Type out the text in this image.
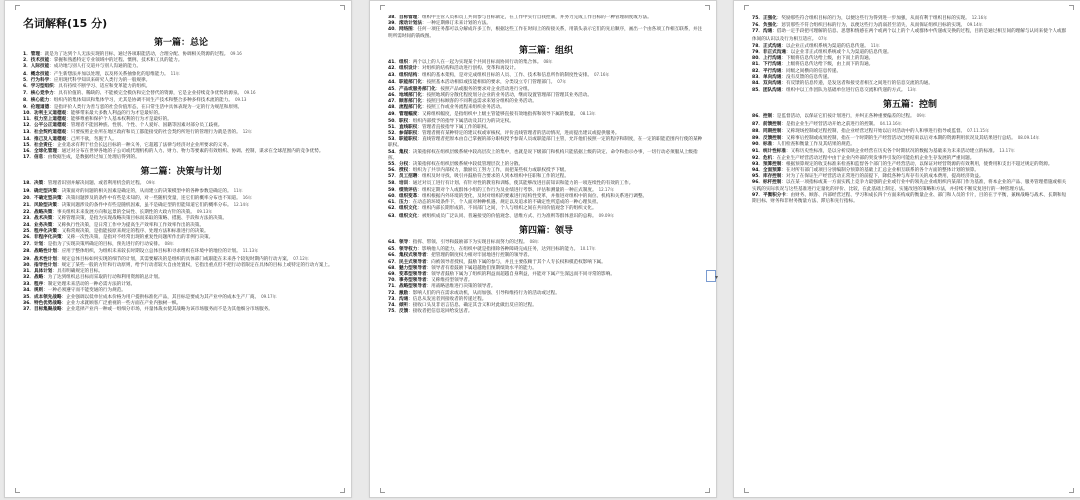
名词解释(15 分)
第一篇：总论

1．管理：就是为了达到个人无法实现的目标，通过各项职能活动，合理分配、协调相关资源的过程。 09.16

2．技术技能：掌握和熟悉特定专业领域中的过程、惯例、技术和工具的能力。

3．人际技能：成功地与别人打交道并与别人沟通的能力。

4．概念技能：产生新想法并加以处理，以及将关系抽象化的思维能力。 11年

5．行为科学：应用现代科学知识来研究人类行为的一般规律。

6．学习型组织：具有持续不断学习、适应和变革能力的组织。

7．核心竞争力：具有价值的、稀缺的、不能被完全模仿和完全替代的资源，它是企业持续竞争优势的源泉。 09.16

8．核心能力：组织内的集体知识和集体学习，尤其是协调不同生产技术和整合多种多样技术流的能力。 09.13

9．伦理道德：是指评价人类行为善与恶的社会价值形态，在日常生活中具体表现为一定的行为规范和原则。

10．功利主义道德观：能够带来最大多数人利益的行为才是最好的。

11．权力至上道德观：能够尊重和保护个人基本权利的行为才是最好的。

12．公平公正道德观：管理者不能因种族、性别、个性、个人爱好、国籍等因素对部分员工歧视。

13．社会契约道德观：只要按照企业所在地区政府和员工都能接受的社会契约所进行的管理行为就是善的。 12年

14．推己及人道德观：己所不欲，勿施于人。

15．社会责任：企业追求有利于社会长远目标的一种义务，它超越了法律与经济对企业所要求的义务。

16．全球化管理：通过对分布在世界各地的子公司或代理机构的人力、财力、物力等要素的有效组织、协调、控制，谋求在全球范围内的竞争优势。

17．信息：由数据生成，是数据经过加工处理后得到的。

第二篇：决策与计划

18．决策：管理者识别并解决问题、或者利用机会的过程。 09年

19．确定型决策：决策面对的问题的相关因素是确定的，从而建立的决策模型中的各种参数是确定的。 11年

20．不确定型决策：决策问题涉及的条件中有些是未知的，对一些随机变量，连它们的概率分布也不知道。 16年

21．风险型决策：决策问题涉及的条件中有些是随机因素，虽不是确定型的但能知道它们的概率分布。 12.14年

22．战略决策：事关组织未来发展方向和远景的全局性、长期性的大政方针的决策。 09.13年

23．战术决策：又称管理决策，是指为实现战略决策目标而采取的策略、措施、手段和方法的决策。

24．业务决策：又称执行性决策，是日常工作中为提高生产效率和工作效率作出的决策。

25．程序化决策：又称常规决策，是指能按原来规定的程序、处理方法和标准进行的决策。

26．非程序化决策：又称一次性决策，是指对不经常出现的重复性问题所作出的非例行决策。

27．计划：是指为了实现决策所确定的目标，预先进行的行动安排。 08年

28．战略性计划：应用于整体组织，为组织未来较长时期设立总体目标和寻求组织在环境中的地位的计划。 11.13年

29．战术性计划：规定总体目标如何实现的细节的计划，其需要解决的是组织的具体部门或职能在未来各个较短时期内的行动方案。 07.12年

30．指导性计划：规定了某些一般的方针和行动原则，给予行动者较大自由处置权，它指出重点但不把行动者限定在具体的目标上或特定的行动方案上。

31．具体计划：具有明确规定的目标。

32．战略：为了达到组织总目标而采取的行动和利用资源的总计划。

33．程序：制定处理未来活动的一种必需方法的计划。

34．规则：一种必须遵守而不能变通的行为规范。

35．成本领先战略：企业强调以低单位成本价格为用户提供标准化产品，其目标是要成为其产业中的成本生产厂商。 09.17年

36．特色优势战略：企业力求就顾客广泛重视的一些方面在产业内独树一帜。

37．目标集聚战略：企业选择产业内一种或一组细分市场，并量体裁衣使其战略为该市场服务而不是为其他细分市场服务。

38．目标管理：组织中主管人员和员工共同参与目标制定，在工作中实行自我控制，并努力完成工作目标的一种管理制度或方法。

39．滚动计划法：一种定期修订未来计划的方法。

40．网络图：任何一项任务都可以分解成许多工作，根据这些工作在时间上的衔接关系，用箭头表示它们的先后顺序，画出一个由各项工作相互联系，并注明所需时间的箭线图。

第三篇：组织

41．组织：两个以上的人在一起为实现某个共同目标而协同行动的集合体。 08年

42．组织设计：对组织的结构和活动进行创构、变革和再设计。

43．组织结构：组织的基本架构，是对完成组织目标的人员、工作、技术和信息所作的制度性安排。 07.16年

44．职能部门化：按照基本活动相似或技能相似的要求，分类设立专门管理部门。 07年

45．产品或服务部门化：按照产品或服务的要求对企业活动进行分组。

46．地域部门化：按照地域的分散化程度划分企业的业务活动，继而设置管理部门管理其业务活动。

47．顾客部门化：按照目标顾客的不同利益需求来划分组织的业务活动。

48．流程部门化：按照工作或业务流程来组织业务活动。

49．管理幅度：又称组织幅度，是指组织中上级主管能够直接有效地指挥和领导下属的数量。 08.13年

50．职权：组织内部授予的指导下属活动及其行为的决定权。

51．直线职权：管理者直接指导下属工作的职权。

52．参谋职权：管理者拥有某种特定的建议权或审核权，评价直线管理者的活动情况，进而提出建议或提供服务。

53．职能职权：直线管理者把原本由自己掌握的部分职权授予参谋人员或职能部门主管，允许他们按照一定的程序和制度，在一定的职能范围内行使的某种职权。

54．集权：决策指挥权在组织层级系统中较高层次上的集中，也就是说下级部门和机构只能依据上级的决定、命令和指示办事，一切行动必须服从上级指挥。

55．分权：决策指挥权在组织层级系统中较低管理层次上的分散。

56．授权：组织为了共享内部权力，激励员工努力工作，而把某些权力或职权授予下级。

57．员工招聘：组织及时寻找、吸引并鼓励符合要求的人到本组织中任职和工作的过程。

58．培训：通过对员工进行有计划、有针对性的教育和训练，使其能够改进目前知识和能力的一项连续性的有效的工作。

59．绩效评估：组织定期对个人或群体小组的工作行为及业绩进行考察、评估和测量的一种正式制度。 12.17年

60．组织变革：组织根据内外环境的变化，及时对组织的要素进行结构性变革，并推进对组织中的岗位、机构和关系进行调整。

61．压力：在动态的环境条件下，个人面对种种机遇、规定以及追求的不确定性所造成的一种心理负担。

62．组织文化：组织内部长期形成的、不同部门之间，个人与组织之间在共同价值观念下的组织文化。

63．组织文化：被组织成员广泛认同、普遍接受的价值观念、思维方式、行为准则等群体意识的总称。 09.09年

第四篇：领导

64．领导：指挥、带领、引导和鼓励部下为实现目标而努力的过程。 08年

65．领导权力：影响他人的能力，在组织中就是指排除各种障碍完成任务，达到目标的能力。 10.17年

66．集权式领导者：把管理的制度权力相对牢固地进行控制的领导者。

67．民主式领导者：向被领导者授权，鼓励下属的参与，并且主要依赖于其个人专长权和模范权影响下属。

68．魅力型领导者：领导者有着鼓励下属超越他们预期绩效水平的能力。

69．变革型领导者：领导者鼓励下属为了组织的利益而超越自身利益，并能对下属产生深远而不同寻常的影响。

70．事务型领导者：又称维持型领导者。

71．战略型领导者：用战略思维进行决策的领导者。

72．激励：影响人们的内在需求或动机，从而加强、引导和维持行为的活动或过程。

73．沟通：信息从发送者到接收者的传递过程。

74．倾听：接收口头及非语言信息、确定其含义和对此做出反应的过程。

75．反馈：接收者把信息返回给发送者。

▾

75．正强化：奖励那些符合组织目标的行为，以便这些行为得到进一步加强，从而有利于组织目标的实现。 12.16年

76．负强化：惩罚那些不符合组织目标的行为，以便这些行为消弱甚至消失，从而保证组织目标的实现。 09.14年

77．沟通：借助一定手段把可理解的信息、思想和情感在两个或两个以上的个人或群体中传递或交换的过程，目的是通过相互间的理解与认同来使个人或群体间的认识以及行为相互适应。 07年

78．正式沟通：以企业正式组织系统为渠道的信息传递。 11年

79．非正式沟通：以企业非正式组织系统或个人为渠道的信息传递。

80．上行沟通：下级将信息传达给上级，由下而上的沟通。

81．下行沟通：上级将信息传达给下级，由上而下的沟通。

82．平行沟通：同级之间横向的信息传递。

83．单向沟通：没有反馈的信息传递。

84．双向沟通：有反馈的信息传递，是发送者和接受者相互之间进行的信息交流的沟通。

85．团队沟通：组织中以工作团队为基础单位进行信息交流和传递的方式。 13年

第五篇：控制

86．控制：是监督活动，以保证它们按计划进行，并纠正各种重要偏差的过程。 09年

87．前馈控制：是指企业生产经营活动开始之前进行的控制。 04.13.16年

88．同期控制：又称现场控制或过程控制，指企业经营过程开始以后对活动中的人和事进行指导或监督。 07.11.15年

89．反馈控制：又称事后控制或成果控制，指在一个时期的生产经营活动已经结束以后对本期的资源利用状况及其结果进行总结。 08.09.14年

90．标准：人们检查和衡量工作及其结果的规范。

91．统计性标准：又称历史性标准，是以分析反映企业经营在历史各个时期状况的数据为基础来为未来活动建立的标准。 13.17年

92．危机：在企业生产经营活动过程中由于企业内外部的突发事件引发的可能危机企业生存发展的严重问题。

93．预算控制：根据预算规定的收支标准来检查和监督各个部门的生产经营活动，以保证对经营资源的有效利用，使费用和支出不超过规定的资源。

94．全面预算：在对所有部门或项目分别编制分预算的基础上汇总企业相互联系的各个方面的整体计划的预算。

95．库存控制：对为了在保证生产经营活动正常进行的前提下，降低各种与库存有关的成本费用，提高经济效益。

96．标杆控制：以在某一项指标或某一方面实践上竞争力最强的企业或行业中的领先企业或组织内某部门作为基准，将本企业的产品、服务管理措施或相关实践的实际状况与这些基准进行定量化的评价、比较，在此基础上制定、实施改进的策略和方法，并持续不断反复进行的一种管理方法。

97．平衡积分卡：由财务、顾客、内部经营过程、学习和成长四个方面来构成的衡量企业、部门和人员的卡片，目的在于平衡，兼顾战略与战术、长期和短期目标、财务和非财务衡量方法、滞后和先行指标。
